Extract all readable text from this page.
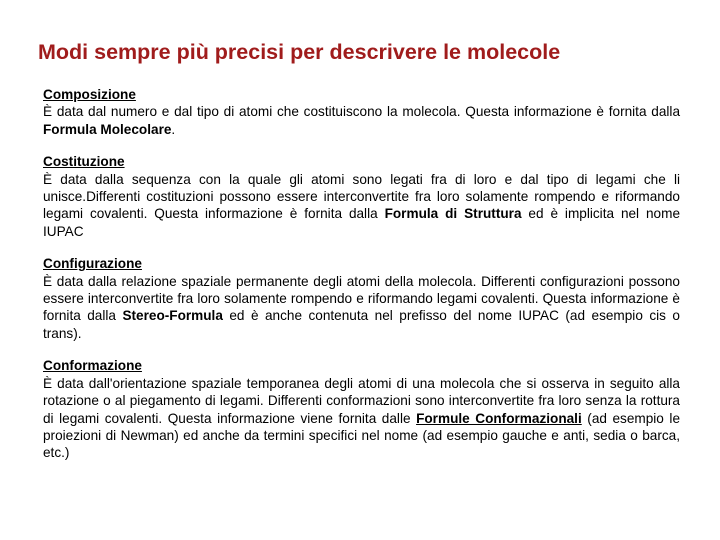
Modi sempre più precisi per descrivere le molecole
Composizione
È data dal numero e dal tipo di atomi che costituiscono la molecola. Questa informazione è fornita dalla Formula Molecolare.
Costituzione
È data dalla sequenza con la quale gli atomi sono legati fra di loro e dal tipo di legami che li unisce.Differenti costituzioni possono essere interconvertite fra loro solamente rompendo e riformando legami covalenti. Questa informazione è fornita dalla Formula di Struttura ed è implicita nel nome IUPAC
Configurazione
È data dalla relazione spaziale permanente degli atomi della molecola. Differenti configurazioni possono essere interconvertite fra loro solamente rompendo e riformando legami covalenti. Questa informazione è fornita dalla Stereo-Formula ed è anche contenuta nel prefisso del nome IUPAC (ad esempio cis o trans).
Conformazione
È data dall'orientazione spaziale temporanea degli atomi di una molecola che si osserva in seguito alla rotazione o al piegamento di legami. Differenti conformazioni sono interconvertite fra loro senza la rottura di legami covalenti. Questa informazione viene fornita dalle Formule Conformazionali (ad esempio le proiezioni di Newman) ed anche da termini specifici nel nome (ad esempio gauche e anti, sedia o barca, etc.)
